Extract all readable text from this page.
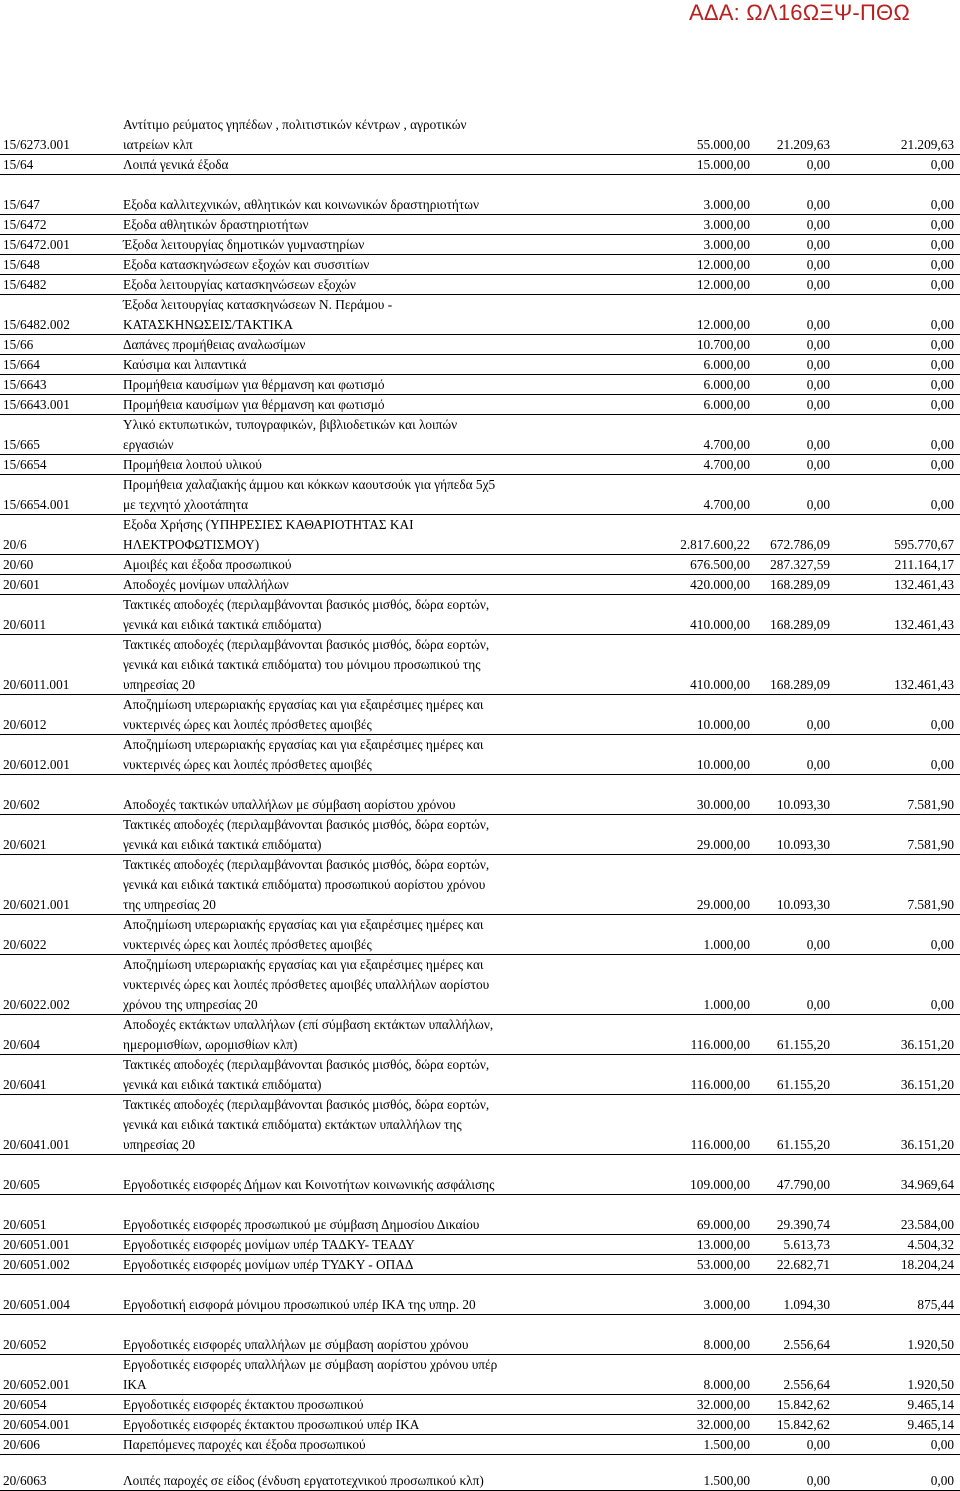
ΑΔΑ: ΩΛ16ΩΞΨ-ΠΘΩ
15/6273.001
Αντίτιμο ρεύματος γηπέδων , πολιτιστικών κέντρων , αγροτικών
ιατρείων κλπ	55.000,00 21.209,63	21.209,63
15/64	Λοιπά γενικά έξοδα	15.000,00	0,00	0,00
15/647	Εξοδα καλλιτεχνικών, αθλητικών και κοινωνικών δραστηριοτήτων	3.000,00	0,00	0,00
15/6472	Εξοδα αθλητικών δραστηριοτήτων	3.000,00	0,00	0,00
15/6472.001	Έξοδα λειτουργίας δημοτικών γυμναστηρίων	3.000,00	0,00	0,00
15/648	Εξοδα κατασκηνώσεων εξοχών και συσσιτίων	12.000,00	0,00	0,00
15/6482	Εξοδα λειτουργίας κατασκηνώσεων εξοχών	12.000,00	0,00	0,00
15/6482.002
Έξοδα λειτουργίας κατασκηνώσεων Ν. Περάμου -
ΚΑΤΑΣΚΗΝΩΣΕΙΣ/ΤΑΚΤΙΚΑ	12.000,00	0,00	0,00
15/66	Δαπάνες προμήθειας αναλωσίμων	10.700,00	0,00	0,00
15/664	Καύσιμα και λιπαντικά	6.000,00	0,00	0,00
15/6643	Προμήθεια καυσίμων για θέρμανση και φωτισμό	6.000,00	0,00	0,00
15/6643.001	Προμήθεια καυσίμων για θέρμανση και φωτισμό	6.000,00	0,00	0,00
15/665
Υλικό εκτυπωτικών, τυπογραφικών, βιβλιοδετικών και λοιπών
εργασιών	4.700,00	0,00	0,00
15/6654	Προμήθεια λοιπού υλικού	4.700,00	0,00	0,00
15/6654.001
Προμήθεια χαλαζιακής άμμου και κόκκων καουτσούκ για γήπεδα 5χ5
με τεχνητό χλοοτάπητα	4.700,00	0,00	0,00
20/6
Εξοδα Χρήσης (ΥΠΗΡΕΣΙΕΣ ΚΑΘΑΡΙΟΤΗΤΑΣ ΚΑΙ
ΗΛΕΚΤΡΟΦΩΤΙΣΜΟΥ)	2.817.600,22 672.786,09	595.770,67
20/60	Αμοιβές και έξοδα προσωπικού	676.500,00 287.327,59	211.164,17
20/601	Αποδοχές μονίμων υπαλλήλων	420.000,00 168.289,09	132.461,43
20/6011
Τακτικές αποδοχές (περιλαμβάνονται βασικός μισθός, δώρα εορτών,
γενικά και ειδικά τακτικά επιδόματα)	410.000,00 168.289,09	132.461,43
20/6011.001
Τακτικές αποδοχές (περιλαμβάνονται βασικός μισθός, δώρα εορτών,
γενικά και ειδικά τακτικά επιδόματα) του μόνιμου προσωπικού της
υπηρεσίας 20	410.000,00 168.289,09	132.461,43
20/6012
Αποζημίωση υπερωριακής εργασίας και για εξαιρέσιμες ημέρες και
νυκτερινές ώρες και λοιπές πρόσθετες αμοιβές	10.000,00	0,00	0,00
20/6012.001
Αποζημίωση υπερωριακής εργασίας και για εξαιρέσιμες ημέρες και
νυκτερινές ώρες και λοιπές πρόσθετες αμοιβές	10.000,00	0,00	0,00
20/602	Αποδοχές τακτικών υπαλλήλων με σύμβαση αορίστου χρόνου	30.000,00 10.093,30	7.581,90
20/6021
Τακτικές αποδοχές (περιλαμβάνονται βασικός μισθός, δώρα εορτών,
γενικά και ειδικά τακτικά επιδόματα)	29.000,00 10.093,30	7.581,90
20/6021.001
Τακτικές αποδοχές (περιλαμβάνονται βασικός μισθός, δώρα εορτών,
γενικά και ειδικά τακτικά επιδόματα) προσωπικού αορίστου χρόνου
της υπηρεσίας 20	29.000,00 10.093,30	7.581,90
20/6022
Αποζημίωση υπερωριακής εργασίας και για εξαιρέσιμες ημέρες και
νυκτερινές ώρες και λοιπές πρόσθετες αμοιβές	1.000,00	0,00	0,00
20/6022.002
Αποζημίωση υπερωριακής εργασίας και για εξαιρέσιμες ημέρες και
νυκτερινές ώρες και λοιπές πρόσθετες αμοιβές υπαλλήλων αορίστου
χρόνου της υπηρεσίας 20	1.000,00	0,00	0,00
20/604
Αποδοχές εκτάκτων υπαλλήλων (επί σύμβαση εκτάκτων υπαλλήλων,
ημερομισθίων, ωρομισθίων κλπ)	116.000,00 61.155,20	36.151,20
20/6041
Τακτικές αποδοχές (περιλαμβάνονται βασικός μισθός, δώρα εορτών,
γενικά και ειδικά τακτικά επιδόματα)	116.000,00 61.155,20	36.151,20
20/6041.001
Τακτικές αποδοχές (περιλαμβάνονται βασικός μισθός, δώρα εορτών,
γενικά και ειδικά τακτικά επιδόματα) εκτάκτων υπαλλήλων της
υπηρεσίας 20	116.000,00 61.155,20	36.151,20
20/605	Εργοδοτικές εισφορές Δήμων και Κοινοτήτων κοινωνικής ασφάλισης	109.000,00 47.790,00	34.969,64
20/6051	Εργοδοτικές εισφορές προσωπικού με σύμβαση Δημοσίου Δικαίου	69.000,00 29.390,74	23.584,00
20/6051.001	Εργοδοτικές εισφορές μονίμων υπέρ ΤΑΔΚΥ- ΤΕΑΔΥ	13.000,00	5.613,73	4.504,32
20/6051.002	Εργοδοτικές εισφορές μονίμων υπέρ ΤΥΔΚΥ - ΟΠΑΔ	53.000,00 22.682,71	18.204,24
20/6051.004	Εργοδοτική εισφορά μόνιμου προσωπικού υπέρ ΙΚΑ της υπηρ. 20	3.000,00	1.094,30	875,44
20/6052	Εργοδοτικές εισφορές υπαλλήλων με σύμβαση αορίστου χρόνου	8.000,00	2.556,64	1.920,50
20/6052.001
Εργοδοτικές εισφορές υπαλλήλων με σύμβαση αορίστου χρόνου υπέρ
ΙΚΑ	8.000,00	2.556,64	1.920,50
20/6054	Εργοδοτικές εισφορές έκτακτου προσωπικού	32.000,00 15.842,62	9.465,14
20/6054.001	Εργοδοτικές εισφορές έκτακτου προσωπικού υπέρ ΙΚΑ	32.000,00 15.842,62	9.465,14
20/606	Παρεπόμενες παροχές και έξοδα προσωπικού	1.500,00	0,00	0,00
20/6063	Λοιπές παροχές σε είδος (ένδυση εργατοτεχνικού προσωπικού κλπ)	1.500,00	0,00	0,00
